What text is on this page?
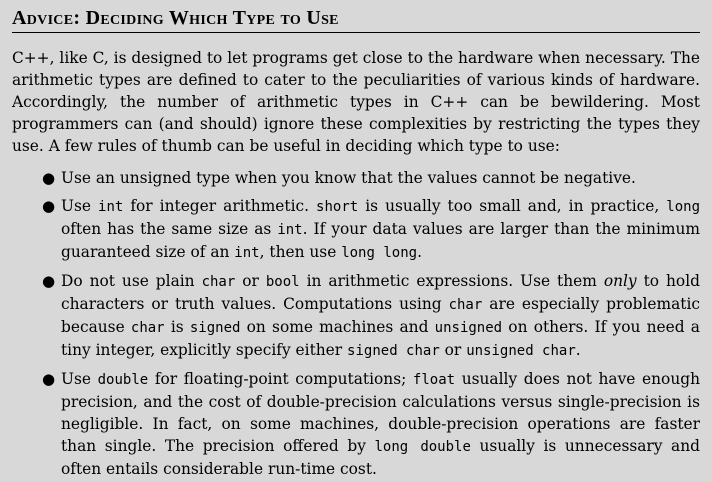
Advice: Deciding Which Type to Use

C++, like C, is designed to let programs get close to the hardware when necessary. The arithmetic types are defined to cater to the peculiarities of various kinds of hardware. Accordingly, the number of arithmetic types in C++ can be bewildering. Most programmers can (and should) ignore these complexities by restricting the types they use. A few rules of thumb can be useful in deciding which type to use:

● Use an unsigned type when you know that the values cannot be negative.
● Use int for integer arithmetic. short is usually too small and, in practice, long often has the same size as int. If your data values are larger than the minimum guaranteed size of an int, then use long long.
● Do not use plain char or bool in arithmetic expressions. Use them only to hold characters or truth values. Computations using char are especially problematic because char is signed on some machines and unsigned on others. If you need a tiny integer, explicitly specify either signed char or unsigned char.
● Use double for floating-point computations; float usually does not have enough precision, and the cost of double-precision calculations versus single-precision is negligible. In fact, on some machines, double-precision operations are faster than single. The precision offered by long double usually is unnecessary and often entails considerable run-time cost.
